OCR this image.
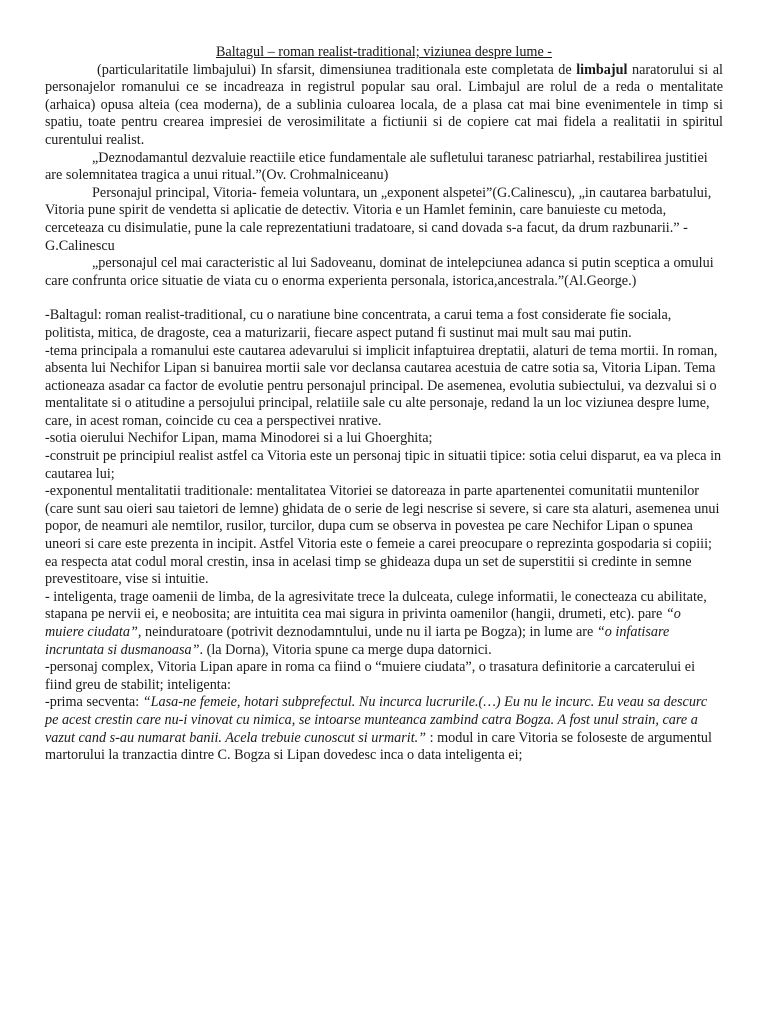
Baltagul – roman realist-traditional; viziunea despre lume -

(particularitatile limbajului) In sfarsit, dimensiunea traditionala este completata de limbajul naratorului si al personajelor romanului ce se incadreaza in registrul popular sau oral. Limbajul are rolul de a reda o mentalitate (arhaica) opusa alteia (cea moderna), de a sublinia culoarea locala, de a plasa cat mai bine evenimentele in timp si spatiu, toate pentru crearea impresiei de verosimilitate a fictiunii si de copiere cat mai fidela a realitatii in spiritul curentului realist.

„Deznodamantul dezvaluie reactiile etice fundamentale ale sufletului taranesc patriarhal, restabilirea justitiei are solemnitatea tragica a unui ritual.”(Ov. Crohmalniceanu)

Personajul principal, Vitoria- femeia voluntara, un „exponent alspetei”(G.Calinescu), „in cautarea barbatului, Vitoria pune spirit de vendetta si aplicatie de detectiv. Vitoria e un Hamlet feminin, care banuieste cu metoda, cerceteaza cu disimulatie, pune la cale reprezentatiuni tradatoare, si cand dovada s-a facut, da drum razbunarii.” -G.Calinescu

„personajul cel mai caracteristic al lui Sadoveanu, dominat de intelepciunea adanca si putin sceptica a omului care confrunta orice situatie de viata cu o enorma experienta personala, istorica,ancestrala.”(Al.George.)

-Baltagul: roman realist-traditional, cu o naratiune bine concentrata, a carui tema a fost considerate fie sociala, politista, mitica, de dragoste, cea a maturizarii, fiecare aspect putand fi sustinut mai mult sau mai putin.

-tema principala a romanului este cautarea adevarului si implicit infaptuirea dreptatii, alaturi de tema mortii. In roman, absenta lui Nechifor Lipan si banuirea mortii sale vor declansa cautarea acestuia de catre sotia sa, Vitoria Lipan. Tema actioneaza asadar ca factor de evolutie pentru personajul principal. De asemenea, evolutia subiectului, va dezvalui si o mentalitate si o atitudine a persojului principal, relatiile sale cu alte personaje, redand la un loc viziunea despre lume, care, in acest roman, coincide cu cea a perspectivei nrative.

-sotia oierului Nechifor Lipan, mama Minodorei si a lui Ghoerghita;

-construit pe principiul realist astfel ca Vitoria este un personaj tipic in situatii tipice: sotia celui disparut, ea va pleca in cautarea lui;

-exponentul mentalitatii traditionale: mentalitatea Vitoriei se datoreaza in parte apartenentei comunitatii muntenilor (care sunt sau oieri sau taietori de lemne) ghidata de o serie de legi nescrise si severe, si care sta alaturi, asemenea unui popor, de neamuri ale nemtilor, rusilor, turcilor, dupa cum se observa in povestea pe care Nechifor Lipan o spunea uneori si care este prezenta in incipit. Astfel Vitoria este o femeie a carei preocupare o reprezinta gospodaria si copiii; ea respecta atat codul moral crestin, insa in acelasi timp se ghideaza dupa un set de superstitii si credinte in semne prevestitoare, vise si intuitie.

- inteligenta, trage oamenii de limba, de la agresivitate trece la dulceata, culege informatii, le conecteaza cu abilitate, stapana pe nervii ei, e neobosita; are intuitita cea mai sigura in privinta oamenilor (hangii, drumeti, etc). pare “o muiere ciudata”, neinduratoare (potrivit deznodamntului, unde nu il iarta pe Bogza); in lume are “o infatisare incruntata si dusmanoasa”. (la Dorna), Vitoria spune ca merge dupa datornici.

-personaj complex, Vitoria Lipan apare in roma ca fiind o “muiere ciudata”, o trasatura definitorie a carcaterului ei fiind greu de stabilit; inteligenta:

-prima secventa: “Lasa-ne femeie, hotari subprefectul. Nu incurca lucrurile.(…) Eu nu le incurc. Eu veau sa descurc pe acest crestin care nu-i vinovat cu nimica, se intoarse munteanca zambind catra Bogza. A fost unul strain, care a vazut cand s-au numarat banii. Acela trebuie cunoscut si urmarit.” : modul in care Vitoria se foloseste de argumentul martorului la tranzactia dintre C. Bogza si Lipan dovedesc inca o data inteligenta ei;
